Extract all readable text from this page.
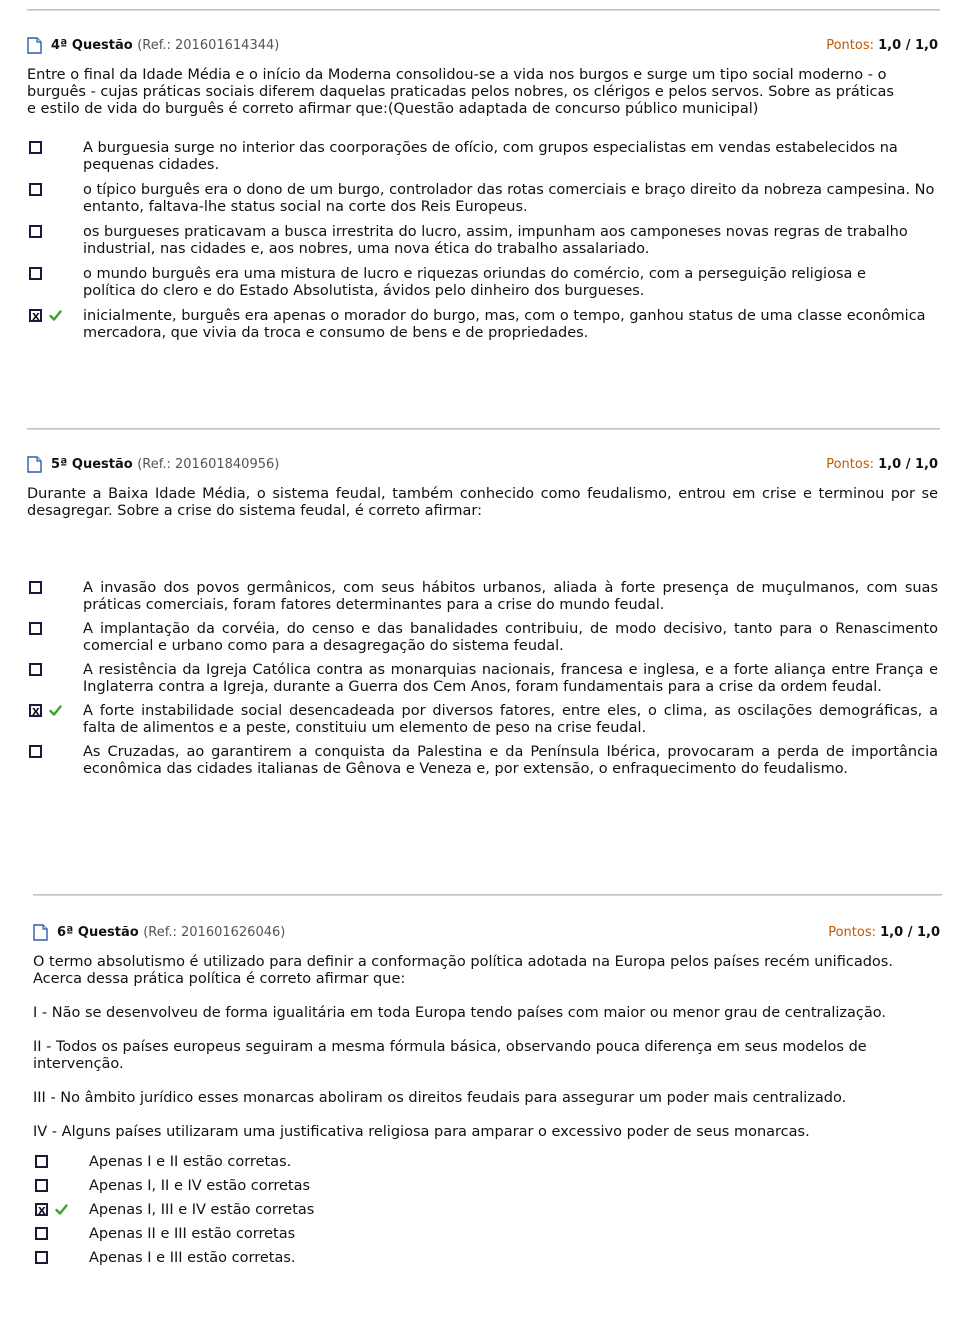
4ª Questão (Ref.: 201601614344)	Pontos: 1,0 / 1,0
Entre o final da Idade Média e o início da Moderna consolidou-se a vida nos burgos e surge um tipo social moderno - o burguês - cujas práticas sociais diferem daquelas praticadas pelos nobres, os clérigos e pelos servos. Sobre as práticas e estilo de vida do burguês é correto afirmar que:(Questão adaptada de concurso público municipal)
A burguesia surge no interior das coorporações de ofício, com grupos especialistas em vendas estabelecidos na pequenas cidades.
o típico burguês era o dono de um burgo, controlador das rotas comerciais e braço direito da nobreza campesina. No entanto, faltava-lhe status social na corte dos Reis Europeus.
os burgueses praticavam a busca irrestrita do lucro, assim, impunham aos camponeses novas regras de trabalho industrial, nas cidades e, aos nobres, uma nova ética do trabalho assalariado.
o mundo burguês era uma mistura de lucro e riquezas oriundas do comércio, com a perseguição religiosa e política do clero e do Estado Absolutista, ávidos pelo dinheiro dos burgueses.
X
inicialmente, burguês era apenas o morador do burgo, mas, com o tempo, ganhou status de uma classe econômica mercadora, que vivia da troca e consumo de bens e de propriedades.
5ª Questão (Ref.: 201601840956)	Pontos: 1,0 / 1,0
Durante a Baixa Idade Média, o sistema feudal, também conhecido como feudalismo, entrou em crise e terminou por se desagregar. Sobre a crise do sistema feudal, é correto afirmar:
A invasão dos povos germânicos, com seus hábitos urbanos, aliada à forte presença de muçulmanos, com suas práticas comerciais, foram fatores determinantes para a crise do mundo feudal.
A implantação da corvéia, do censo e das banalidades contribuiu, de modo decisivo, tanto para o Renascimento comercial e urbano como para a desagregação do sistema feudal.
A resistência da Igreja Católica contra as monarquias nacionais, francesa e inglesa, e a forte aliança entre França e Inglaterra contra a Igreja, durante a Guerra dos Cem Anos, foram fundamentais para a crise da ordem feudal.
X
A forte instabilidade social desencadeada por diversos fatores, entre eles, o clima, as oscilações demográficas, a falta de alimentos e a peste, constituiu um elemento de peso na crise feudal.
As Cruzadas, ao garantirem a conquista da Palestina e da Península Ibérica, provocaram a perda de importância econômica das cidades italianas de Gênova e Veneza e, por extensão, o enfraquecimento do feudalismo.
6ª Questão (Ref.: 201601626046)	Pontos: 1,0 / 1,0

O termo absolutismo é utilizado para definir a conformação política adotada na Europa pelos países recém unificados. Acerca dessa prática política é correto afirmar que:

I - Não se desenvolveu de forma igualitária em toda Europa tendo países com maior ou menor grau de centralização.

II - Todos os países europeus seguiram a mesma fórmula básica, observando pouca diferença em seus modelos de intervenção.

III - No âmbito jurídico esses monarcas aboliram os direitos feudais para assegurar um poder mais centralizado.

IV - Alguns países utilizaram uma justificativa religiosa para amparar o excessivo poder de seus monarcas.

Apenas I e II estão corretas.
Apenas I, II e IV estão corretas
X
Apenas I, III e IV estão corretas
Apenas II e III estão corretas
Apenas I e III estão corretas.
